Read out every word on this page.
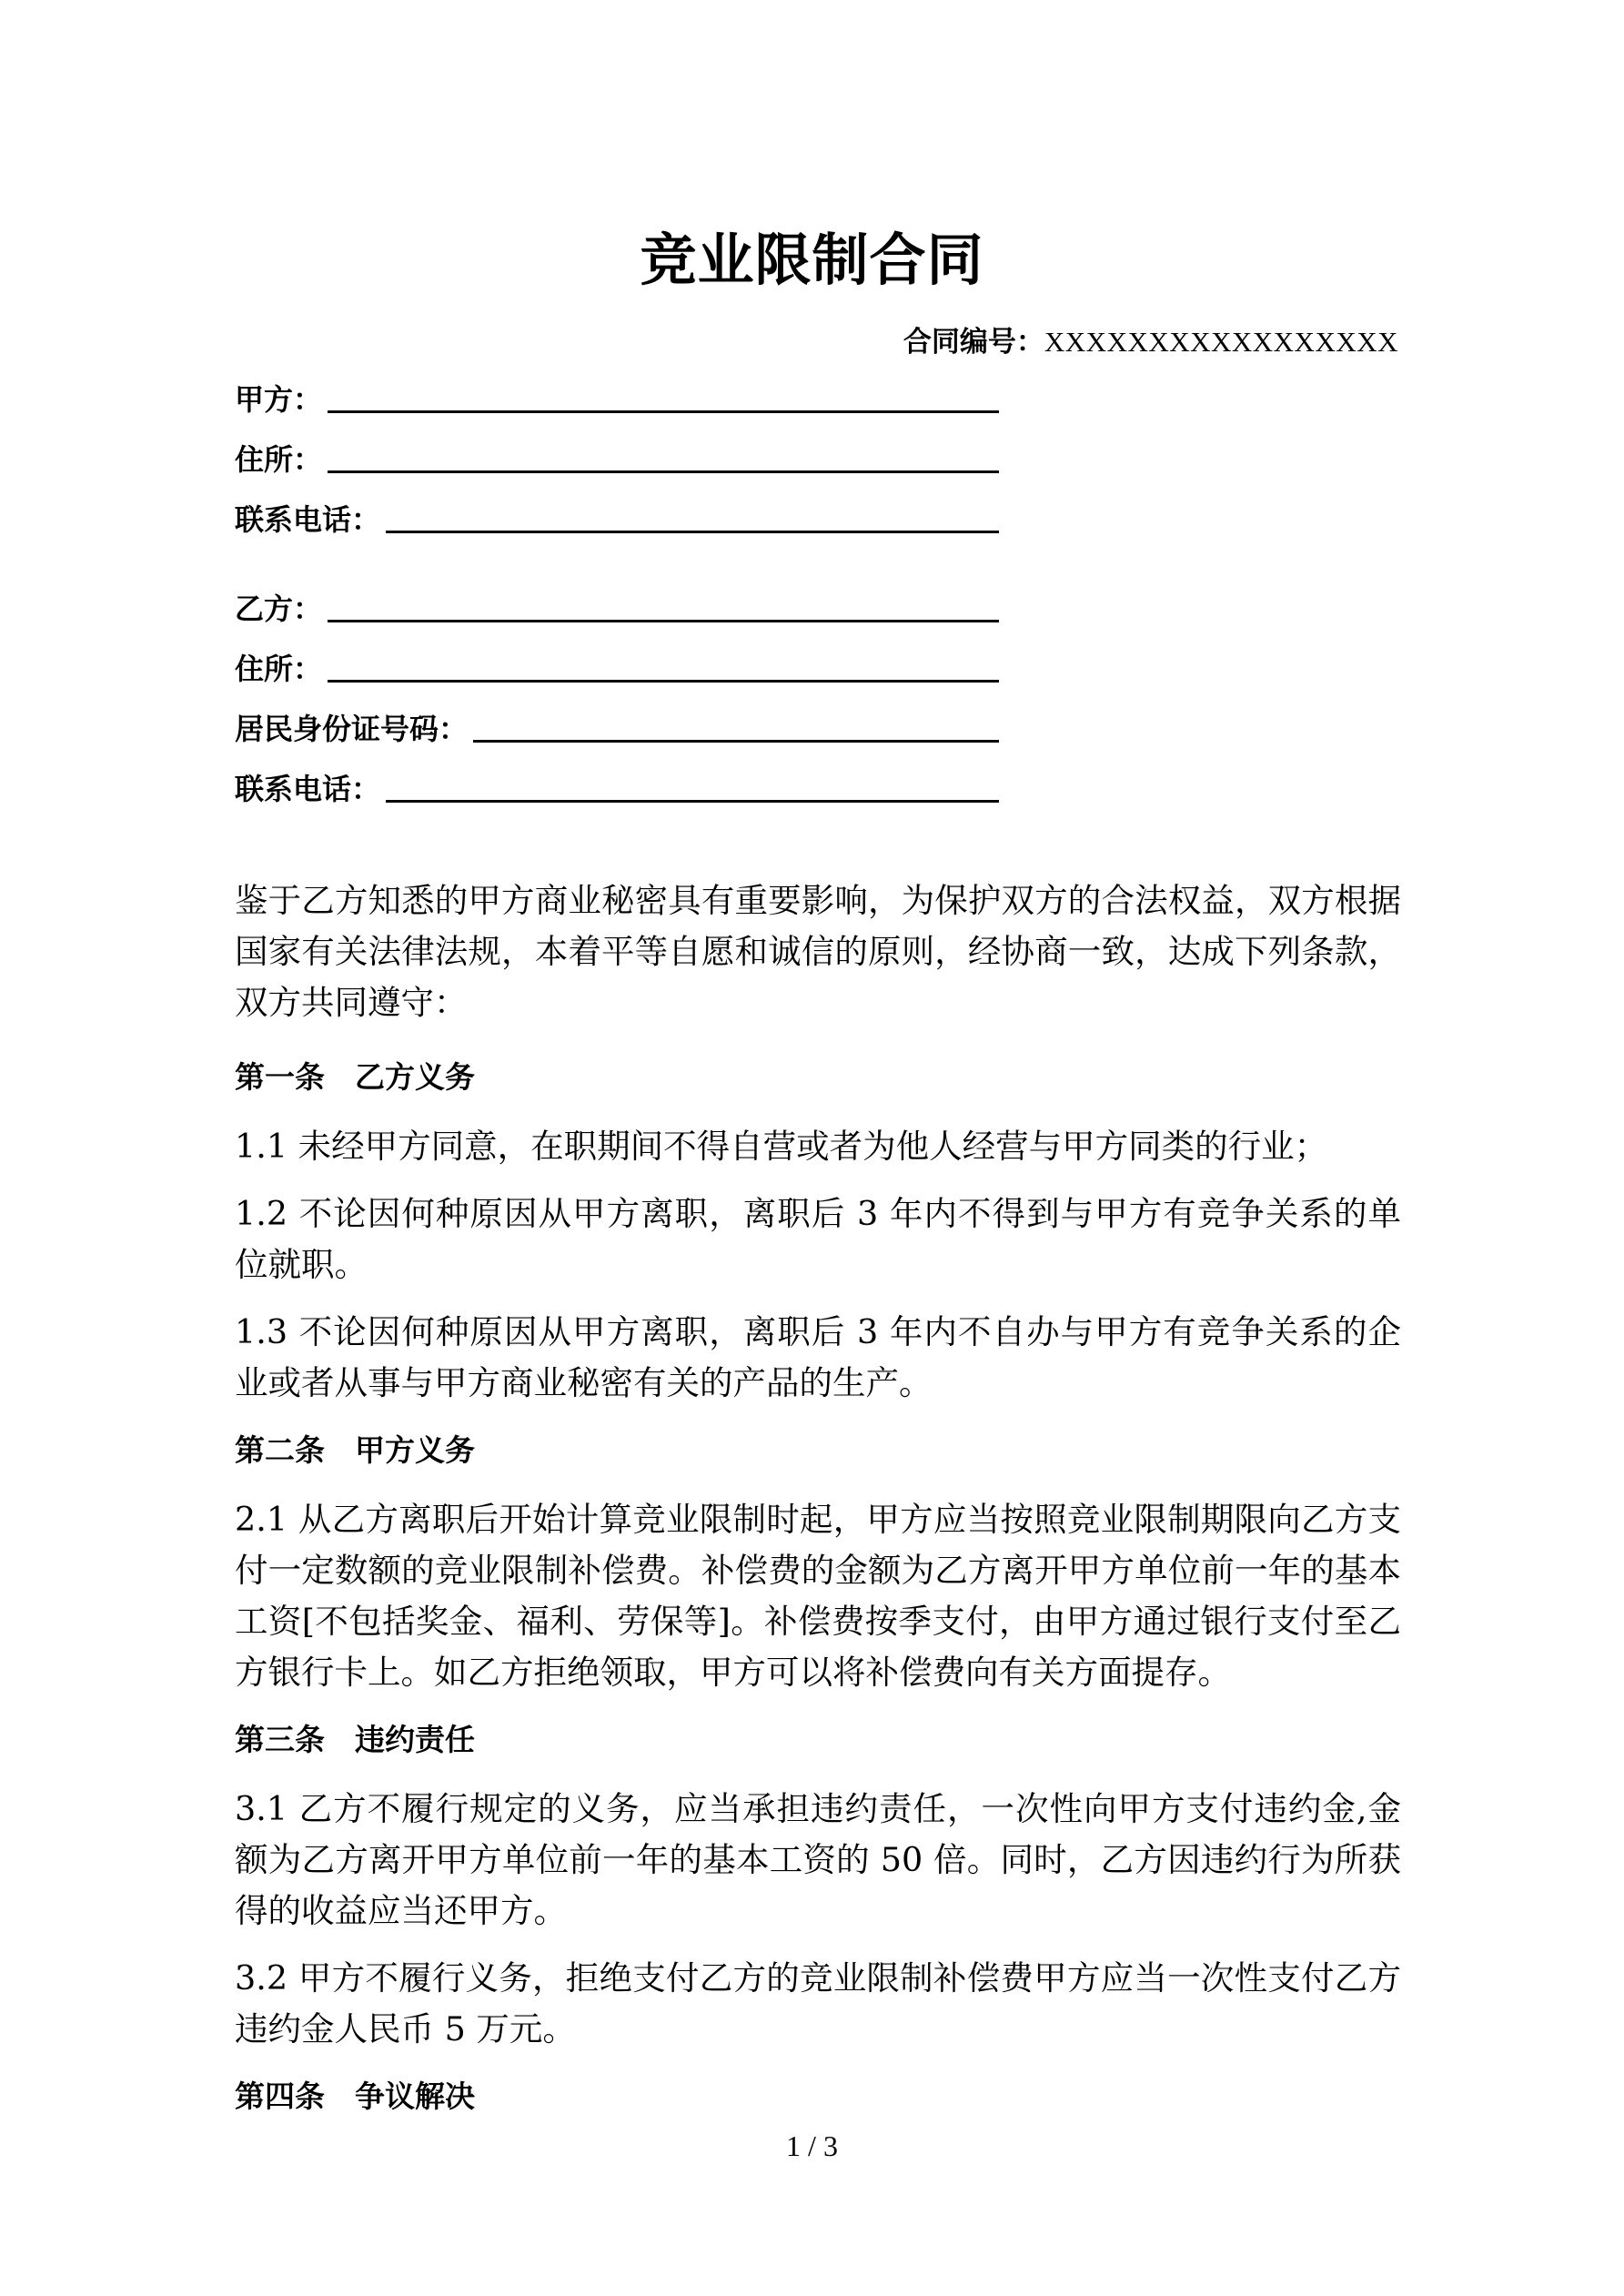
竞业限制合同
合同编号：XXXXXXXXXXXXXXXXX
甲方：
住所：
联系电话：
乙方：
住所：
居民身份证号码：
联系电话：

鉴于乙方知悉的甲方商业秘密具有重要影响，为保护双方的合法权益，双方根据国家有关法律法规，本着平等自愿和诚信的原则，经协商一致，达成下列条款，双方共同遵守：

第一条　乙方义务

1.1 未经甲方同意，在职期间不得自营或者为他人经营与甲方同类的行业；

1.2 不论因何种原因从甲方离职，离职后 3 年内不得到与甲方有竞争关系的单位就职。

1.3 不论因何种原因从甲方离职，离职后 3 年内不自办与甲方有竞争关系的企业或者从事与甲方商业秘密有关的产品的生产。

第二条　甲方义务

2.1 从乙方离职后开始计算竞业限制时起，甲方应当按照竞业限制期限向乙方支付一定数额的竞业限制补偿费。补偿费的金额为乙方离开甲方单位前一年的基本工资[不包括奖金、福利、劳保等]。补偿费按季支付，由甲方通过银行支付至乙方银行卡上。如乙方拒绝领取，甲方可以将补偿费向有关方面提存。

第三条　违约责任

3.1 乙方不履行规定的义务，应当承担违约责任，一次性向甲方支付违约金,金额为乙方离开甲方单位前一年的基本工资的 50 倍。同时，乙方因违约行为所获得的收益应当还甲方。

3.2 甲方不履行义务，拒绝支付乙方的竞业限制补偿费甲方应当一次性支付乙方违约金人民币 5 万元。

第四条　争议解决
1 / 3
